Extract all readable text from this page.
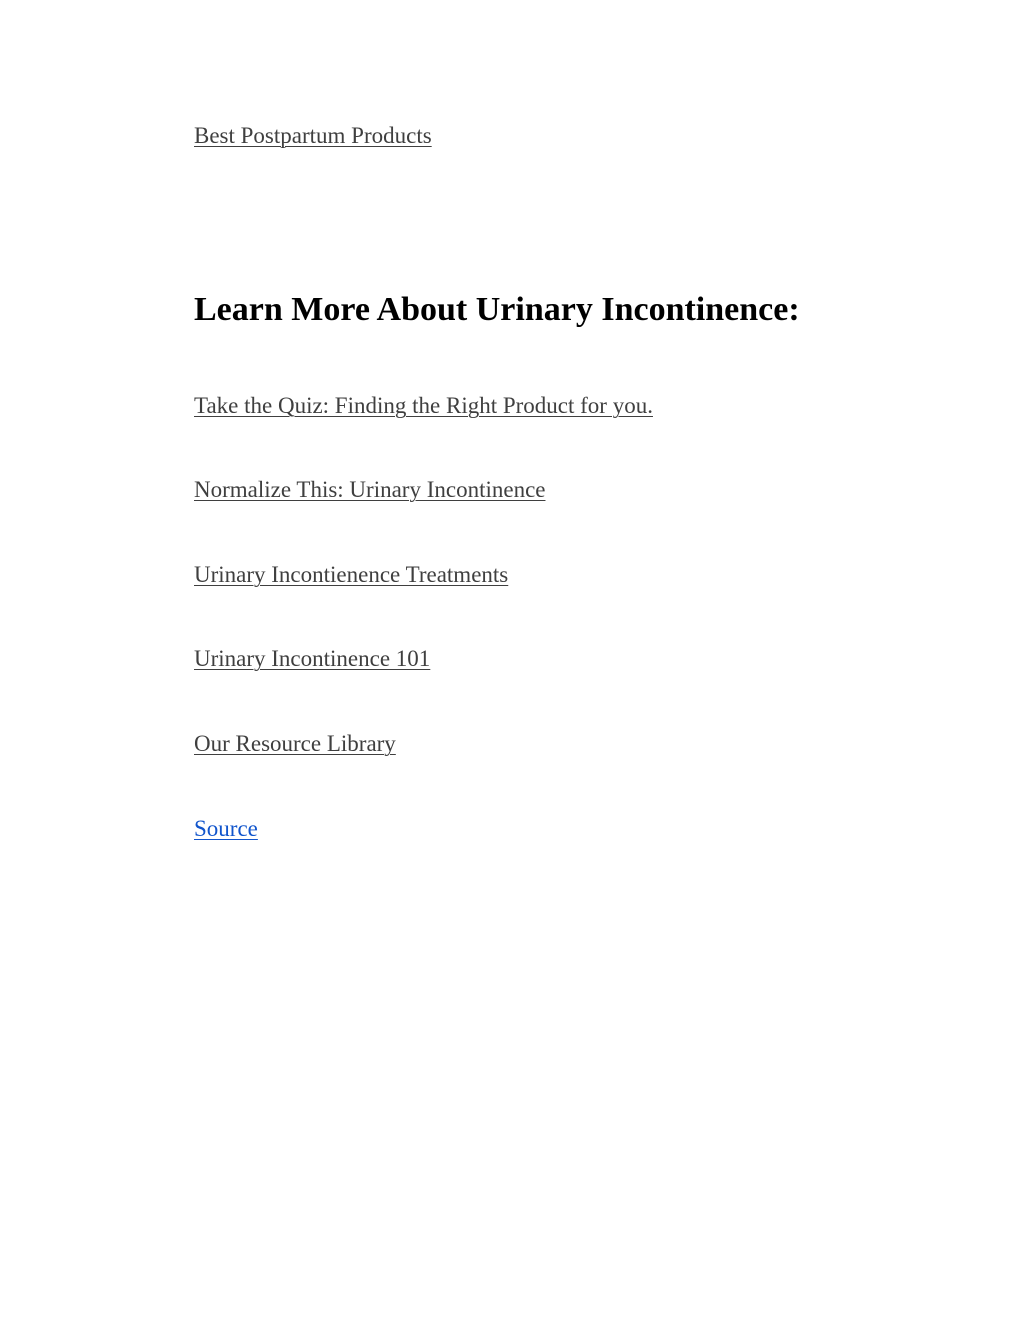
Best Postpartum Products
Learn More About Urinary Incontinence:
Take the Quiz: Finding the Right Product for you.
Normalize This: Urinary Incontinence
Urinary Incontienence Treatments
Urinary Incontinence 101
Our Resource Library
Source
